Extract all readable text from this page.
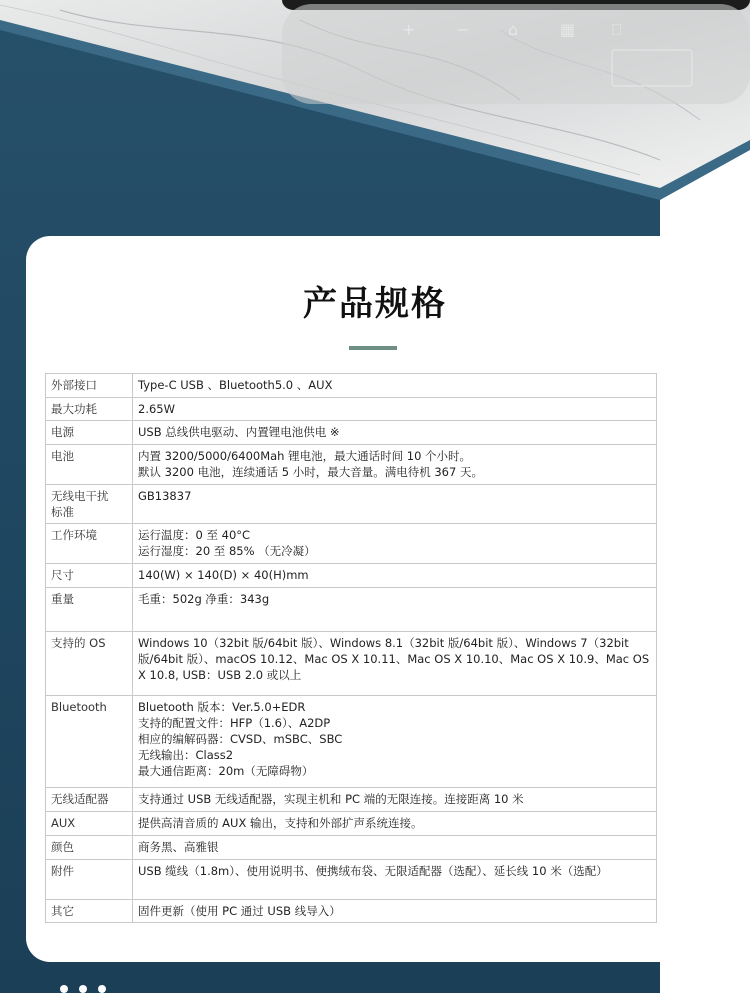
+	− ⌂	▦ ⎕
产品规格
外部接口	Type-C USB 、Bluetooth5.0 、AUX
最大功耗	2.65W
电源	USB 总线供电驱动、内置锂电池供电 ※
电池	内置 3200/5000/6400Mah 锂电池，最大通话时间 10 个小时。
默认 3200 电池，连续通话 5 小时，最大音量。满电待机 367 天。
无线电干扰
标准	GB13837
工作环境	运行温度：0 至 40°C
运行湿度：20 至 85% （无冷凝）
尺寸	140(W) × 140(D) × 40(H)mm
重量	毛重：502g 净重：343g
支持的 OS	Windows 10（32bit 版/64bit 版）、Windows 8.1（32bit 版/64bit 版）、Windows 7（32bit 版/64bit 版）、macOS 10.12、Mac OS X 10.11、Mac OS X 10.10、Mac OS X 10.9、Mac OS X 10.8, USB：USB 2.0 或以上
Bluetooth	Bluetooth 版本：Ver.5.0+EDR
支持的配置文件：HFP（1.6）、A2DP
相应的编解码器：CVSD、mSBC、SBC
无线输出：Class2
最大通信距离：20m（无障碍物）
无线适配器	支持通过 USB 无线适配器，实现主机和 PC 端的无限连接。连接距离 10 米
AUX	提供高清音质的 AUX 输出，支持和外部扩声系统连接。
颜色	商务黑、高雅银
附件	USB 缆线（1.8m）、使用说明书、便携绒布袋、无限适配器（选配）、延长线 10 米（选配）
其它	固件更新（使用 PC 通过 USB 线导入）
